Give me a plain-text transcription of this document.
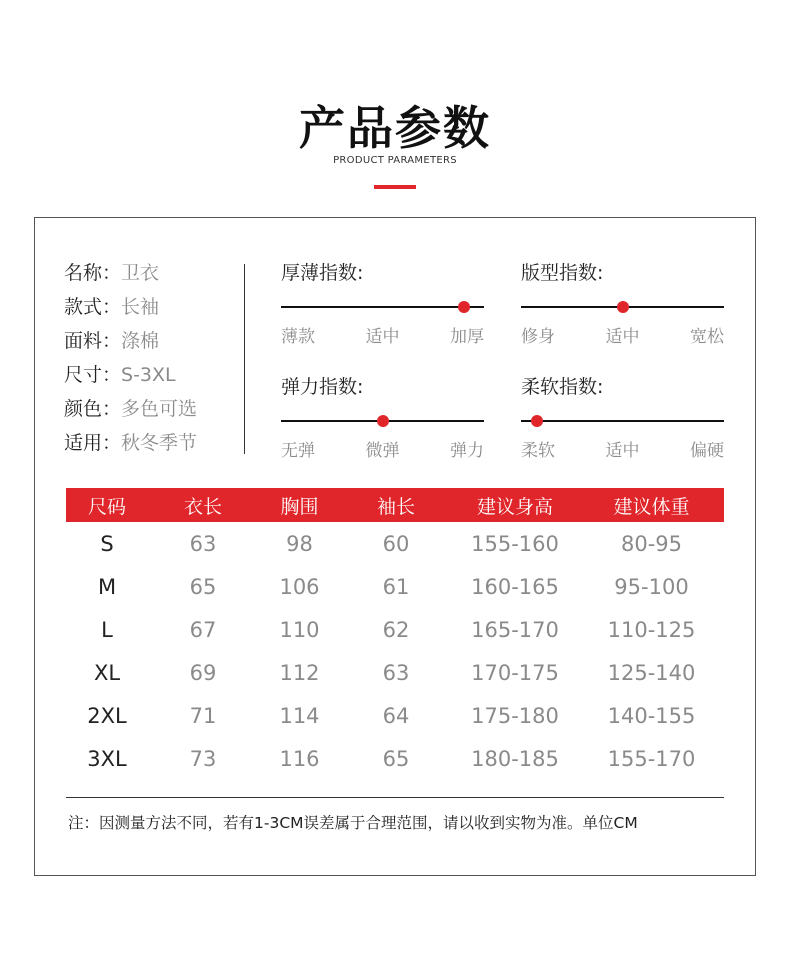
产品参数
PRODUCT PARAMETERS
名称：卫衣
款式：长袖
面料：涤棉
尺寸：S-3XL
颜色：多色可选
适用：秋冬季节
厚薄指数:
薄款	适中	加厚
版型指数:
修身	适中	宽松
弹力指数:
无弹	微弹	弹力
柔软指数:
柔软	适中	偏硬
尺码	衣长	胸围	袖长	建议身高	建议体重
S	63	98	60	155-160	80-95
M	65	106	61	160-165	95-100
L	67	110	62	165-170	110-125
XL	69	112	63	170-175	125-140
2XL	71	114	64	175-180	140-155
3XL	73	116	65	180-185	155-170
注：因测量方法不同，若有1-3CM误差属于合理范围，请以收到实物为准。单位CM
